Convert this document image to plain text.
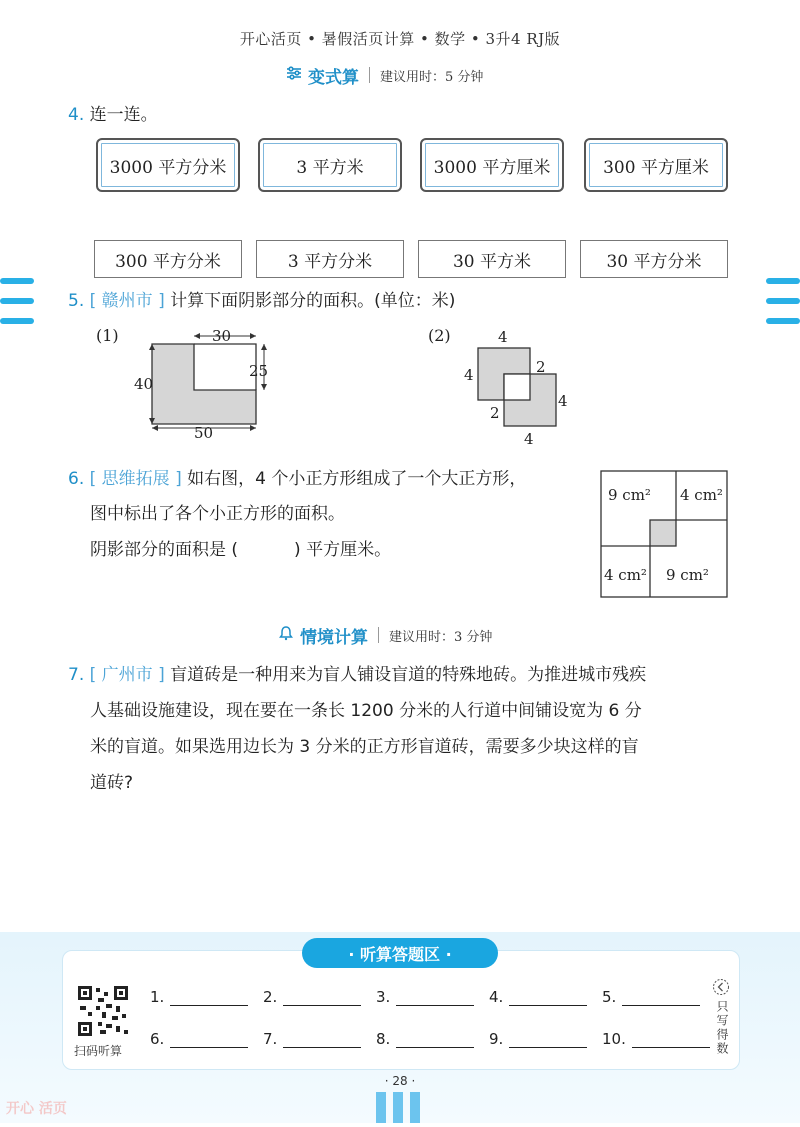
开心活页 • 暑假活页计算 • 数学 • 3升4 RJ版
变式算 建议用时：5 分钟
4. 连一连。
3000 平方分米	3 平方米	3000 平方厘米	300 平方厘米
300 平方分米	3 平方分米	30 平方米	30 平方分米
5. [ 赣州市 ] 计算下面阴影部分的面积。(单位：米)
(1)	(2)
30
25
40
50
4
4	2
2
4
4
6. [ 思维拓展 ] 如右图，4 个小正方形组成了一个大正方形，
图中标出了各个小正方形的面积。
阴影部分的面积是 (	) 平方厘米。
9 cm² 4 cm²
4 cm² 9 cm²
情境计算 建议用时：3 分钟
7. [ 广州市 ] 盲道砖是一种用来为盲人铺设盲道的特殊地砖。为推进城市残疾
人基础设施建设，现在要在一条长 1200 分米的人行道中间铺设宽为 6 分
米的盲道。如果选用边长为 3 分米的正方形盲道砖，需要多少块这样的盲
道砖?
· 听算答题区 ·
扫码听算
1.	2.	3.	4.	5.
6.	7.	8.	9.	10.	只写得数
· 28 ·
开心 活页
